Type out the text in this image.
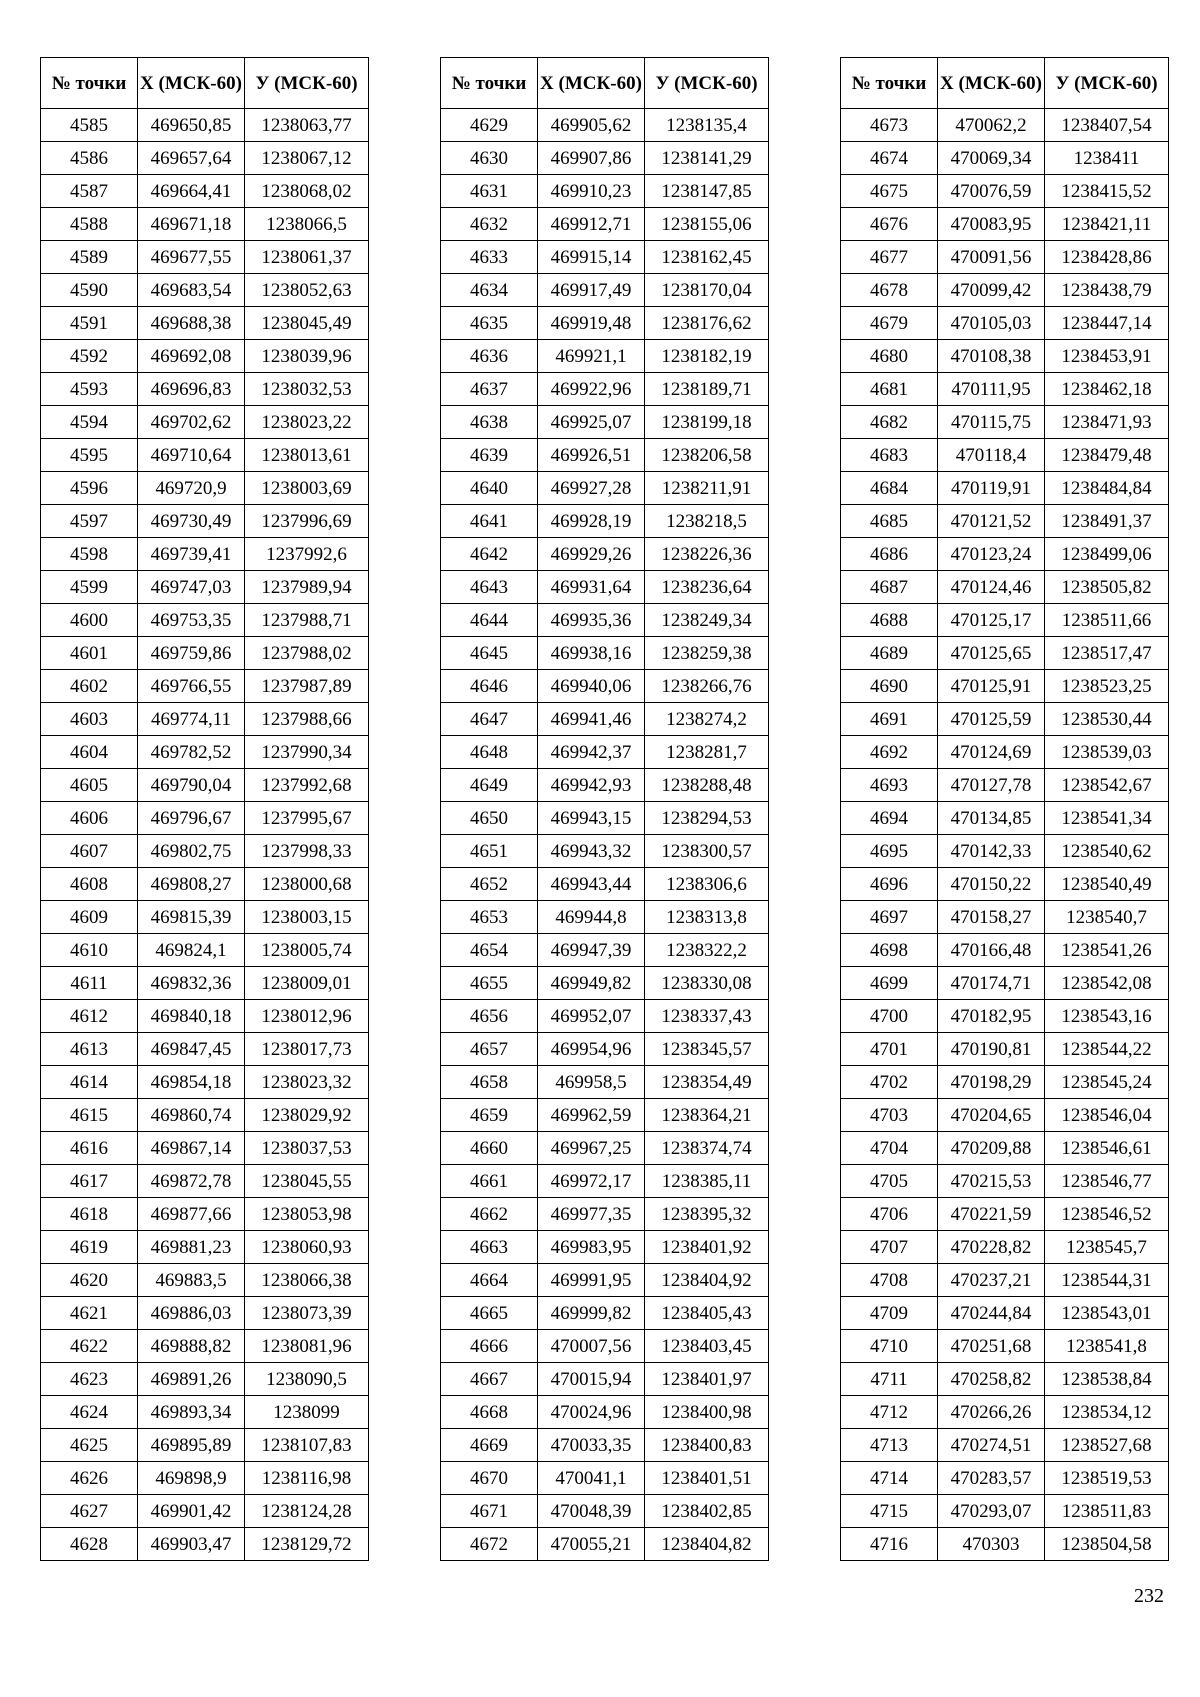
№ точки	X (МСК-60)	У (МСК-60)
4585	469650,85	1238063,77
4586	469657,64	1238067,12
4587	469664,41	1238068,02
4588	469671,18	1238066,5
4589	469677,55	1238061,37
4590	469683,54	1238052,63
4591	469688,38	1238045,49
4592	469692,08	1238039,96
4593	469696,83	1238032,53
4594	469702,62	1238023,22
4595	469710,64	1238013,61
4596	469720,9	1238003,69
4597	469730,49	1237996,69
4598	469739,41	1237992,6
4599	469747,03	1237989,94
4600	469753,35	1237988,71
4601	469759,86	1237988,02
4602	469766,55	1237987,89
4603	469774,11	1237988,66
4604	469782,52	1237990,34
4605	469790,04	1237992,68
4606	469796,67	1237995,67
4607	469802,75	1237998,33
4608	469808,27	1238000,68
4609	469815,39	1238003,15
4610	469824,1	1238005,74
4611	469832,36	1238009,01
4612	469840,18	1238012,96
4613	469847,45	1238017,73
4614	469854,18	1238023,32
4615	469860,74	1238029,92
4616	469867,14	1238037,53
4617	469872,78	1238045,55
4618	469877,66	1238053,98
4619	469881,23	1238060,93
4620	469883,5	1238066,38
4621	469886,03	1238073,39
4622	469888,82	1238081,96
4623	469891,26	1238090,5
4624	469893,34	1238099
4625	469895,89	1238107,83
4626	469898,9	1238116,98
4627	469901,42	1238124,28
4628	469903,47	1238129,72
№ точки	X (МСК-60)	У (МСК-60)
4629	469905,62	1238135,4
4630	469907,86	1238141,29
4631	469910,23	1238147,85
4632	469912,71	1238155,06
4633	469915,14	1238162,45
4634	469917,49	1238170,04
4635	469919,48	1238176,62
4636	469921,1	1238182,19
4637	469922,96	1238189,71
4638	469925,07	1238199,18
4639	469926,51	1238206,58
4640	469927,28	1238211,91
4641	469928,19	1238218,5
4642	469929,26	1238226,36
4643	469931,64	1238236,64
4644	469935,36	1238249,34
4645	469938,16	1238259,38
4646	469940,06	1238266,76
4647	469941,46	1238274,2
4648	469942,37	1238281,7
4649	469942,93	1238288,48
4650	469943,15	1238294,53
4651	469943,32	1238300,57
4652	469943,44	1238306,6
4653	469944,8	1238313,8
4654	469947,39	1238322,2
4655	469949,82	1238330,08
4656	469952,07	1238337,43
4657	469954,96	1238345,57
4658	469958,5	1238354,49
4659	469962,59	1238364,21
4660	469967,25	1238374,74
4661	469972,17	1238385,11
4662	469977,35	1238395,32
4663	469983,95	1238401,92
4664	469991,95	1238404,92
4665	469999,82	1238405,43
4666	470007,56	1238403,45
4667	470015,94	1238401,97
4668	470024,96	1238400,98
4669	470033,35	1238400,83
4670	470041,1	1238401,51
4671	470048,39	1238402,85
4672	470055,21	1238404,82
№ точки	X (МСК-60)	У (МСК-60)
4673	470062,2	1238407,54
4674	470069,34	1238411
4675	470076,59	1238415,52
4676	470083,95	1238421,11
4677	470091,56	1238428,86
4678	470099,42	1238438,79
4679	470105,03	1238447,14
4680	470108,38	1238453,91
4681	470111,95	1238462,18
4682	470115,75	1238471,93
4683	470118,4	1238479,48
4684	470119,91	1238484,84
4685	470121,52	1238491,37
4686	470123,24	1238499,06
4687	470124,46	1238505,82
4688	470125,17	1238511,66
4689	470125,65	1238517,47
4690	470125,91	1238523,25
4691	470125,59	1238530,44
4692	470124,69	1238539,03
4693	470127,78	1238542,67
4694	470134,85	1238541,34
4695	470142,33	1238540,62
4696	470150,22	1238540,49
4697	470158,27	1238540,7
4698	470166,48	1238541,26
4699	470174,71	1238542,08
4700	470182,95	1238543,16
4701	470190,81	1238544,22
4702	470198,29	1238545,24
4703	470204,65	1238546,04
4704	470209,88	1238546,61
4705	470215,53	1238546,77
4706	470221,59	1238546,52
4707	470228,82	1238545,7
4708	470237,21	1238544,31
4709	470244,84	1238543,01
4710	470251,68	1238541,8
4711	470258,82	1238538,84
4712	470266,26	1238534,12
4713	470274,51	1238527,68
4714	470283,57	1238519,53
4715	470293,07	1238511,83
4716	470303	1238504,58
232
